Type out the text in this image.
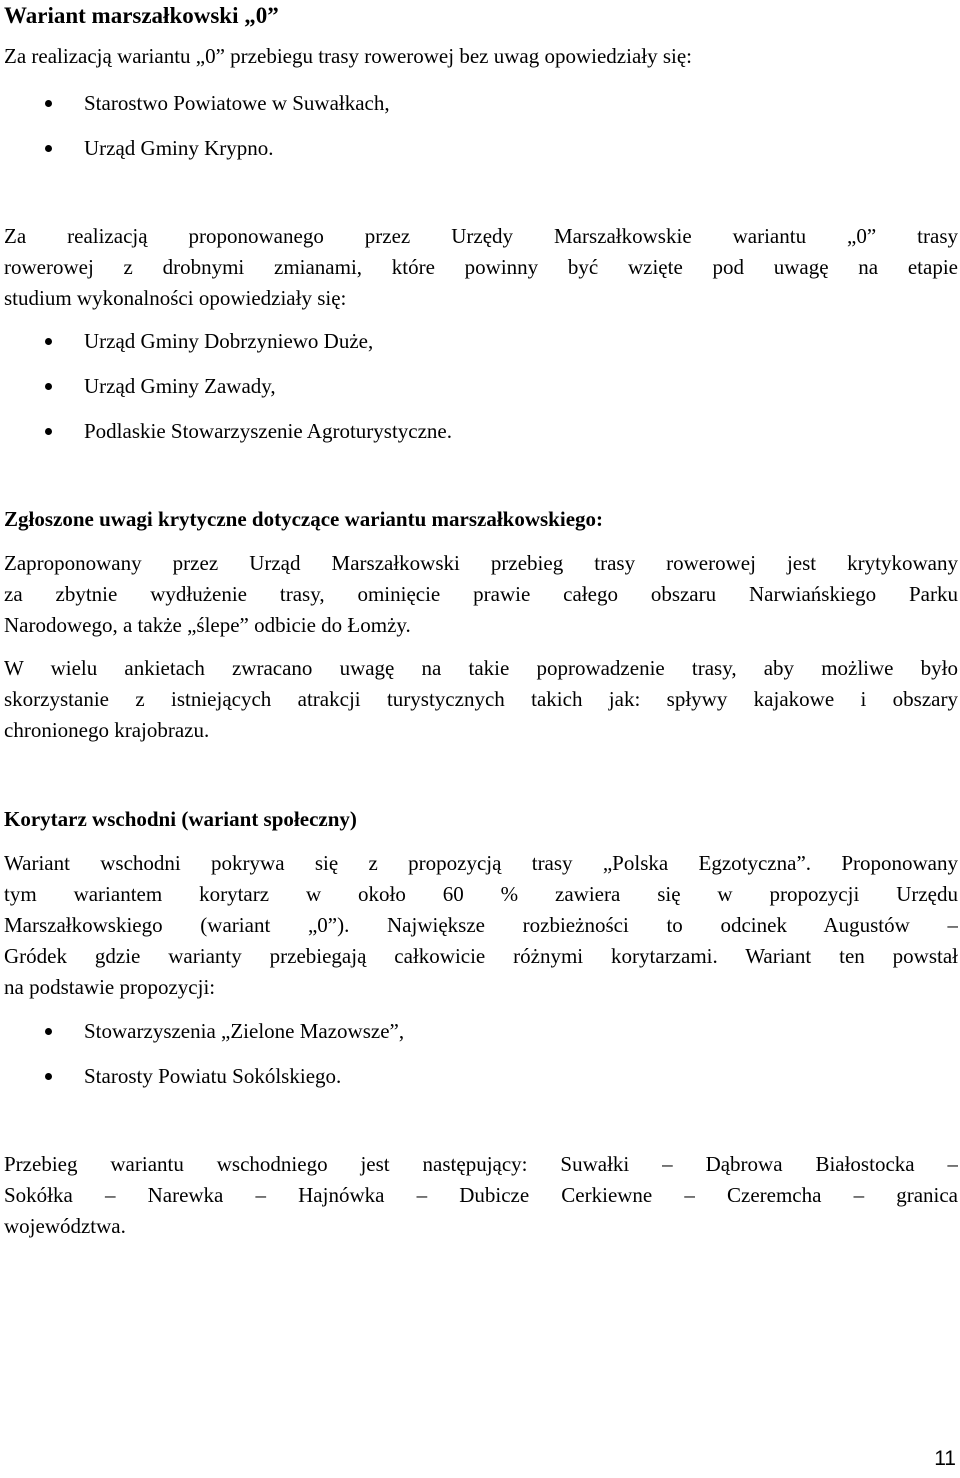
Wariant marszałkowski „0”
Za realizacją wariantu „0” przebiegu trasy rowerowej bez uwag opowiedziały się:
Starostwo Powiatowe w Suwałkach,
Urząd Gminy Krypno.
Za realizacją proponowanego przez Urzędy Marszałkowskie wariantu „0” trasy
rowerowej z drobnymi zmianami, które powinny być wzięte pod uwagę na etapie
studium wykonalności opowiedziały się:
Urząd Gminy Dobrzyniewo Duże,
Urząd Gminy Zawady,
Podlaskie Stowarzyszenie Agroturystyczne.
Zgłoszone uwagi krytyczne dotyczące wariantu marszałkowskiego:
Zaproponowany przez Urząd Marszałkowski przebieg trasy rowerowej jest krytykowany
za zbytnie wydłużenie trasy, ominięcie prawie całego obszaru Narwiańskiego Parku
Narodowego, a także „ślepe” odbicie do Łomży.
W wielu ankietach zwracano uwagę na takie poprowadzenie trasy, aby możliwe było
skorzystanie z istniejących atrakcji turystycznych takich jak: spływy kajakowe i obszary
chronionego krajobrazu.
Korytarz wschodni (wariant społeczny)
Wariant wschodni pokrywa się z propozycją trasy „Polska Egzotyczna”. Proponowany
tym wariantem korytarz w około 60 % zawiera się w propozycji Urzędu
Marszałkowskiego (wariant „0”). Największe rozbieżności to odcinek Augustów –
Gródek gdzie warianty przebiegają całkowicie różnymi korytarzami. Wariant ten powstał
na podstawie propozycji:
Stowarzyszenia „Zielone Mazowsze”,
Starosty Powiatu Sokólskiego.
Przebieg wariantu wschodniego jest następujący: Suwałki – Dąbrowa Białostocka –
Sokółka – Narewka – Hajnówka – Dubicze Cerkiewne – Czeremcha – granica
województwa.
11
